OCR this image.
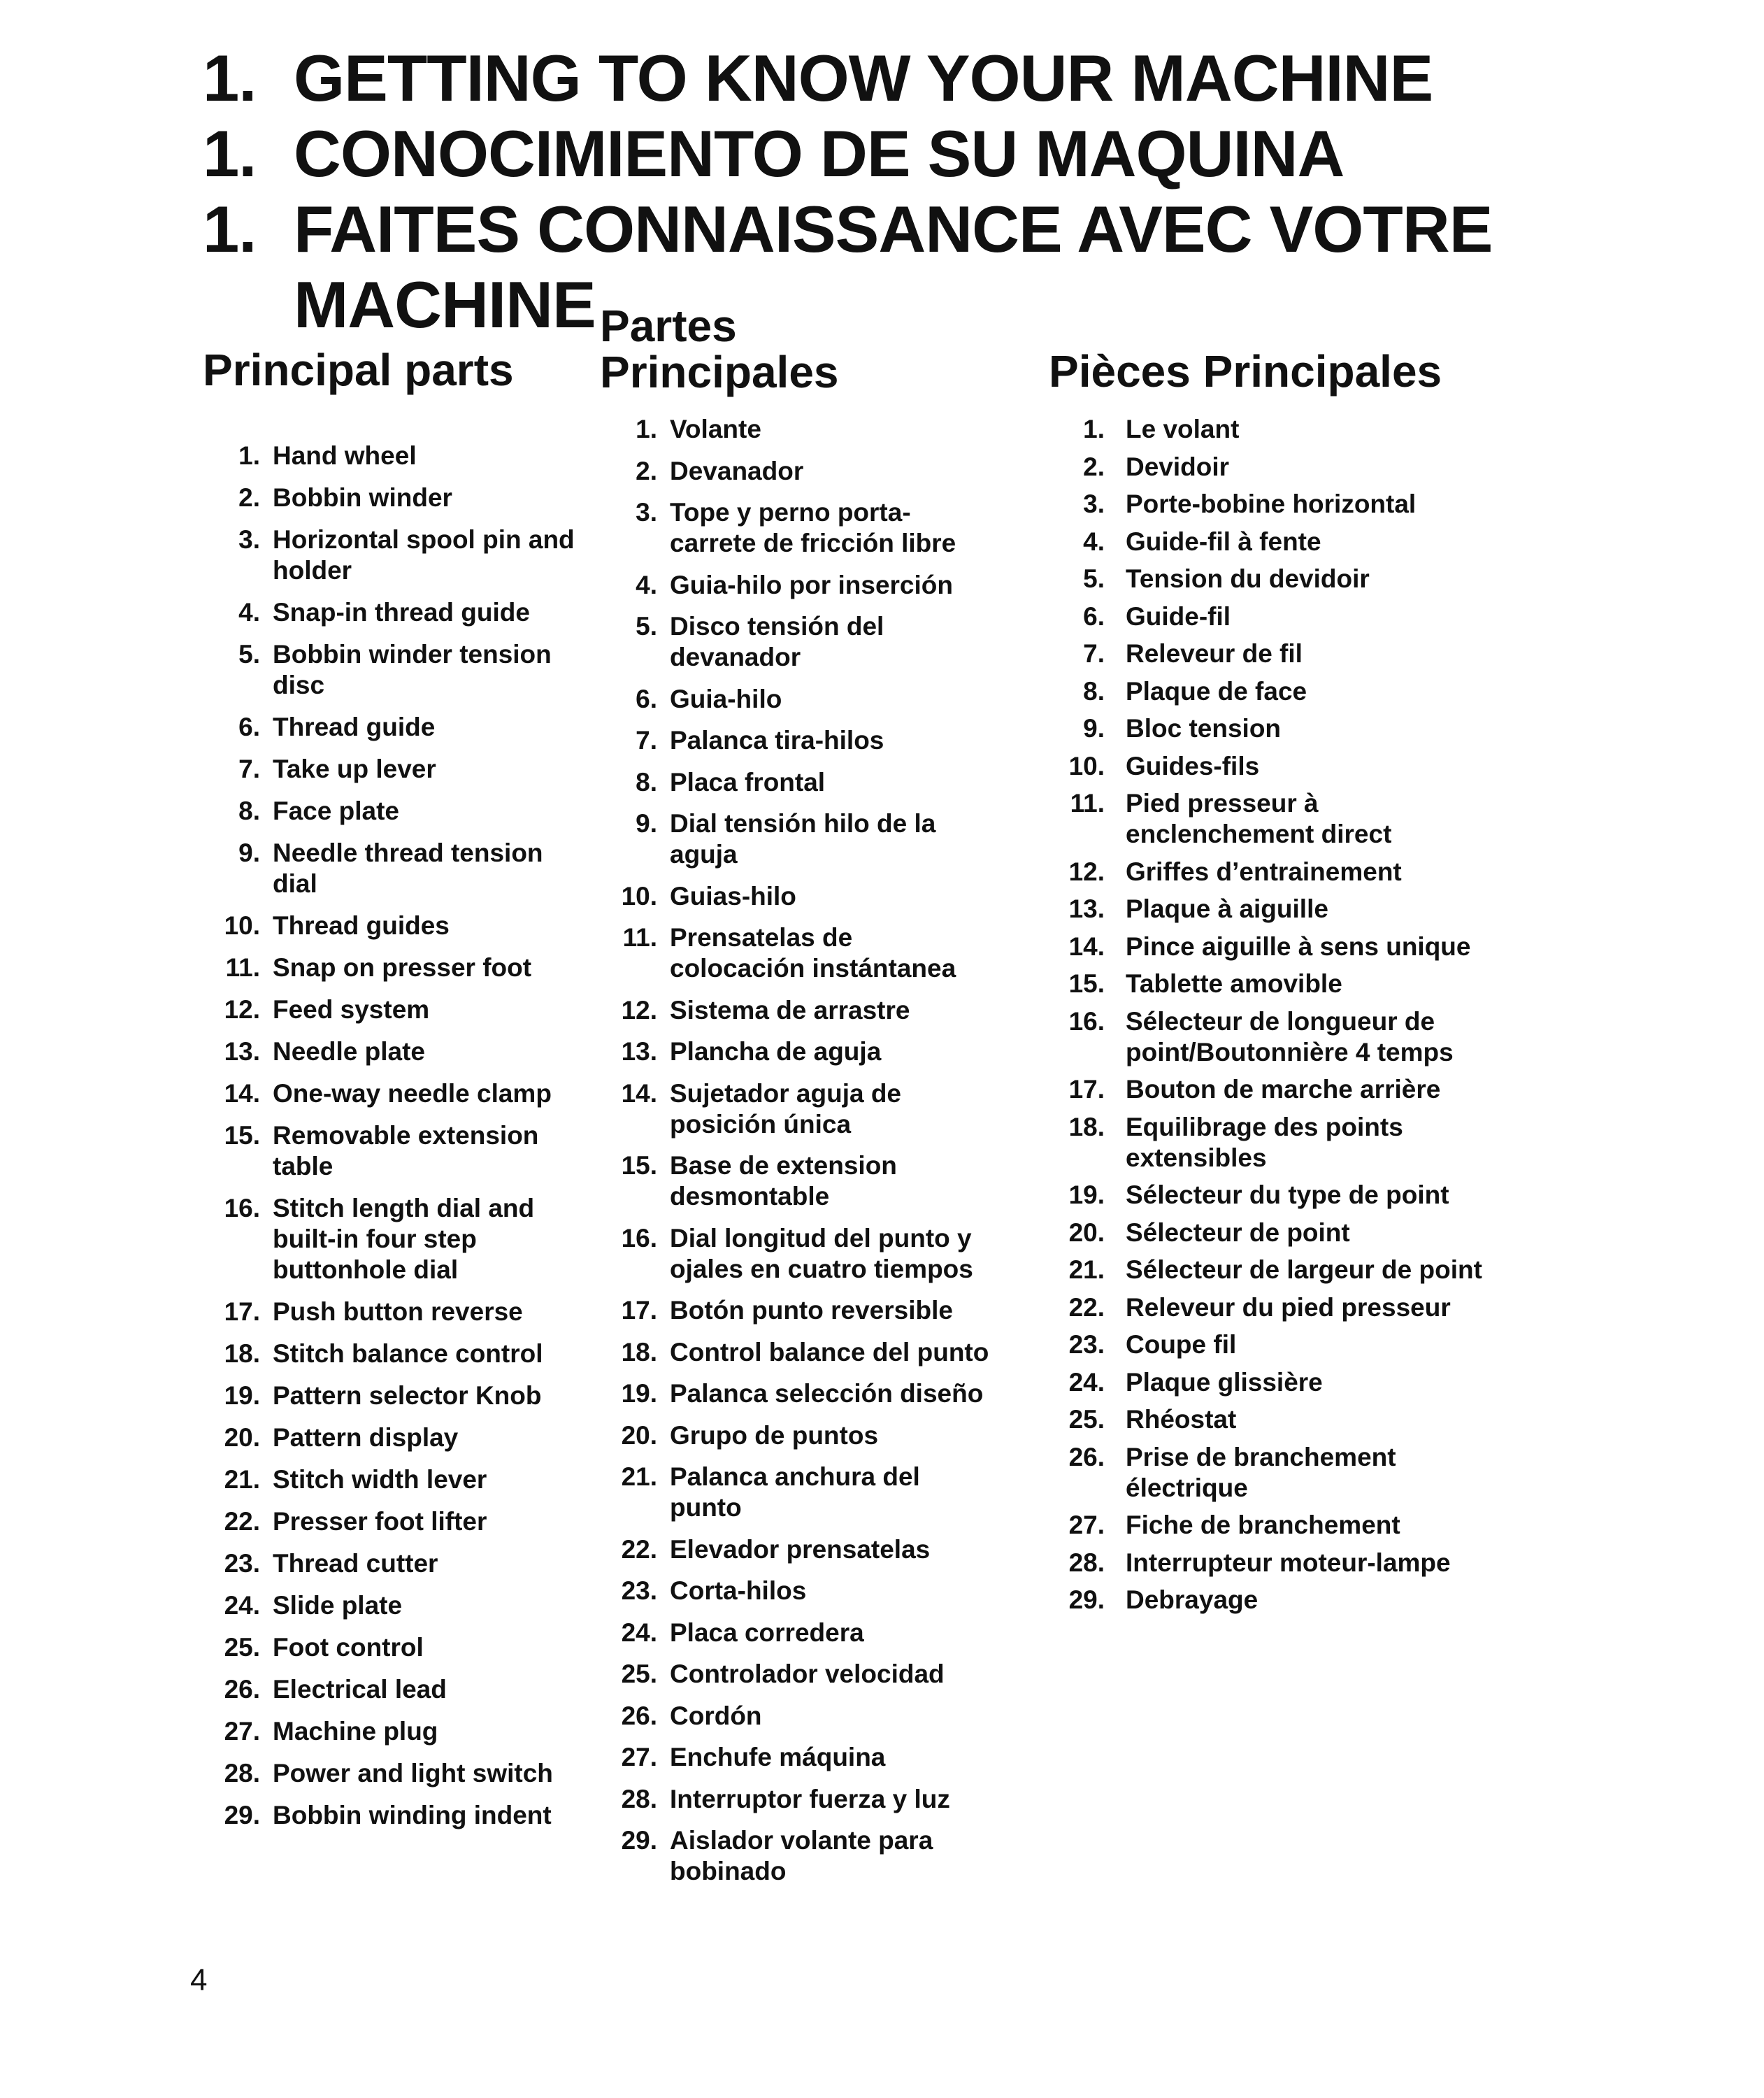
1. GETTING TO KNOW YOUR MACHINE
1. CONOCIMIENTO DE SU MAQUINA
1. FAITES CONNAISSANCE AVEC VOTRE MACHINE
Principal parts
1. Hand wheel
2. Bobbin winder
3. Horizontal spool pin and holder
4. Snap-in thread guide
5. Bobbin winder tension disc
6. Thread guide
7. Take up lever
8. Face plate
9. Needle thread tension dial
10. Thread guides
11. Snap on presser foot
12. Feed system
13. Needle plate
14. One-way needle clamp
15. Removable extension table
16. Stitch length dial and built-in four step buttonhole dial
17. Push button reverse
18. Stitch balance control
19. Pattern selector Knob
20. Pattern display
21. Stitch width lever
22. Presser foot lifter
23. Thread cutter
24. Slide plate
25. Foot control
26. Electrical lead
27. Machine plug
28. Power and light switch
29. Bobbin winding indent
Partes Principales
1. Volante
2. Devanador
3. Tope y perno porta-carrete de fricción libre
4. Guia-hilo por inserción
5. Disco tensión del devanador
6. Guia-hilo
7. Palanca tira-hilos
8. Placa frontal
9. Dial tensión hilo de la aguja
10. Guias-hilo
11. Prensatelas de colocación instántanea
12. Sistema de arrastre
13. Plancha de aguja
14. Sujetador aguja de posición única
15. Base de extension desmontable
16. Dial longitud del punto y ojales en cuatro tiempos
17. Botón punto reversible
18. Control balance del punto
19. Palanca selección diseño
20. Grupo de puntos
21. Palanca anchura del punto
22. Elevador prensatelas
23. Corta-hilos
24. Placa corredera
25. Controlador velocidad
26. Cordón
27. Enchufe máquina
28. Interruptor fuerza y luz
29. Aislador volante para bobinado
Pièces Principales
1. Le volant
2. Devidoir
3. Porte-bobine horizontal
4. Guide-fil à fente
5. Tension du devidoir
6. Guide-fil
7. Releveur de fil
8. Plaque de face
9. Bloc tension
10. Guides-fils
11. Pied presseur à enclenchement direct
12. Griffes d’entrainement
13. Plaque à aiguille
14. Pince aiguille à sens unique
15. Tablette amovible
16. Sélecteur de longueur de point/Boutonnière 4 temps
17. Bouton de marche arrière
18. Equilibrage des points extensibles
19. Sélecteur du type de point
20. Sélecteur de point
21. Sélecteur de largeur de point
22. Releveur du pied presseur
23. Coupe fil
24. Plaque glissière
25. Rhéostat
26. Prise de branchement électrique
27. Fiche de branchement
28. Interrupteur moteur-lampe
29. Debrayage
4
